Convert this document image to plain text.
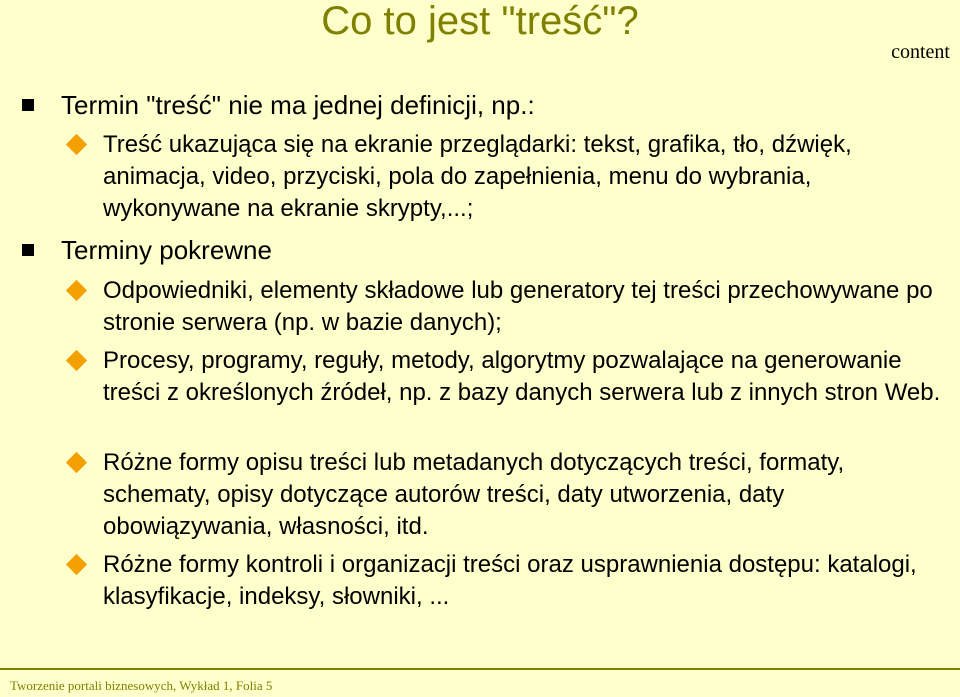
Co to jest "treść"?
content
Termin "treść" nie ma jednej definicji, np.:
Treść ukazująca się na ekranie przeglądarki: tekst, grafika, tło, dźwięk, animacja, video, przyciski, pola do zapełnienia, menu do wybrania, wykonywane na ekranie skrypty,...;
Terminy pokrewne
Odpowiedniki, elementy składowe lub generatory tej treści przechowywane po stronie serwera (np. w bazie danych);
Procesy, programy, reguły, metody, algorytmy pozwalające na generowanie treści z określonych źródeł, np. z bazy danych serwera lub z innych stron Web.
Różne formy opisu treści lub metadanych dotyczących treści, formaty, schematy, opisy dotyczące autorów treści, daty utworzenia, daty obowiązywania, własności, itd.
Różne formy kontroli i organizacji treści oraz usprawnienia dostępu: katalogi, klasyfikacje, indeksy, słowniki, ...
Tworzenie portali biznesowych, Wykład 1, Folia 5
